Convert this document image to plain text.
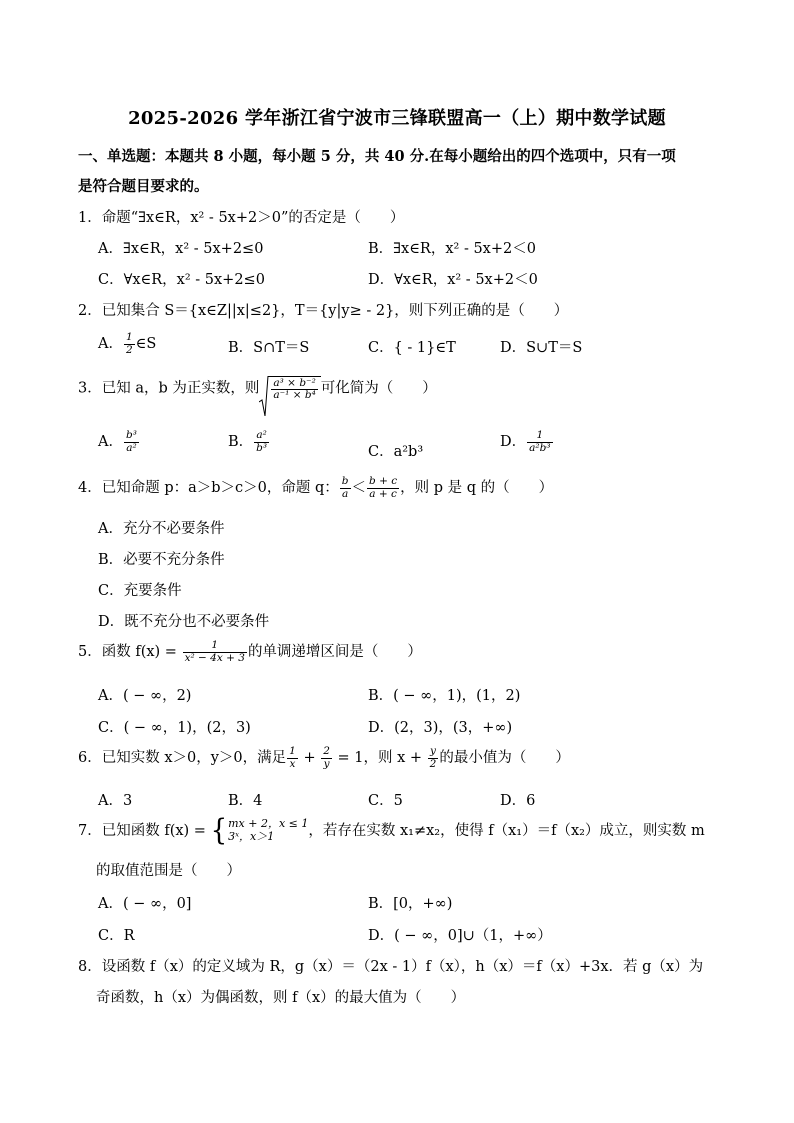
2025-2026 学年浙江省宁波市三锋联盟高一（上）期中数学试题
一、单选题：本题共 8 小题，每小题 5 分，共 40 分.在每小题给出的四个选项中，只有一项
是符合题目要求的。
1．命题“∃x∈R，x² - 5x+2＞0”的否定是（　　）
A．∃x∈R，x² - 5x+2≤0	B．∃x∈R，x² - 5x+2＜0
C．∀x∈R，x² - 5x+2≤0	D．∀x∈R，x² - 5x+2＜0
2．已知集合 S＝{x∈Z||x|≤2}，T＝{y|y≥ - 2}，则下列正确的是（　　）
A． $\frac{1}{2}$ ∈S	B．S∩T＝S	C．{ - 1}∈T	D．S∪T＝S
3．已知 a，b 为正实数，则 $\frac{\text{a³ × b⁻²}}{\text{a⁻¹ × b⁴}}$ 可化简为（　　）
A． $\frac{\text{b³}}{\text{a²}}$	B． $\frac{\text{a²}}{\text{b³}}$	C．a²b³
D． $\frac{1}{\text{a²b³}}$
4．已知命题 p：a＞b＞c＞0，命题 q： $\frac{b}{a} < \frac{b + c}{a + c}$ ，则 p 是 q 的（　　）
A．充分不必要条件
B．必要不充分条件
C．充要条件
D．既不充分也不必要条件
5．函数 $f(x) = \frac{1}{\text{x² − 4x + 3}}$ 的单调递增区间是（　　）
A．( − ∞，2)	B．( − ∞，1)，(1，2)
C．( − ∞，1)，(2，3)	D．(2，3)，(3，+∞)
6．已知实数 x＞0，y＞0，满足 $\frac{1}{x} + \frac{2}{y} = 1$，则 $x + \frac{y}{2}$ 的最小值为（　　）
A．3	B．4	C．5	D．6
7．已知函数 f(x) = { mx + 2，x ≤ 1
3ˣ，x＞1	，若存在实数 x₁≠x₂，使得 f（x₁）＝f（x₂）成立，则实数 m
的取值范围是（　　）
A．( − ∞，0]	B．[0，+∞)
C．R	D．( − ∞，0]∪（1，+∞）
8．设函数 f（x）的定义域为 R，g（x）＝（2x - 1）f（x），h（x）＝f（x）+3x．若 g（x）为
奇函数，h（x）为偶函数，则 f（x）的最大值为（　　）
